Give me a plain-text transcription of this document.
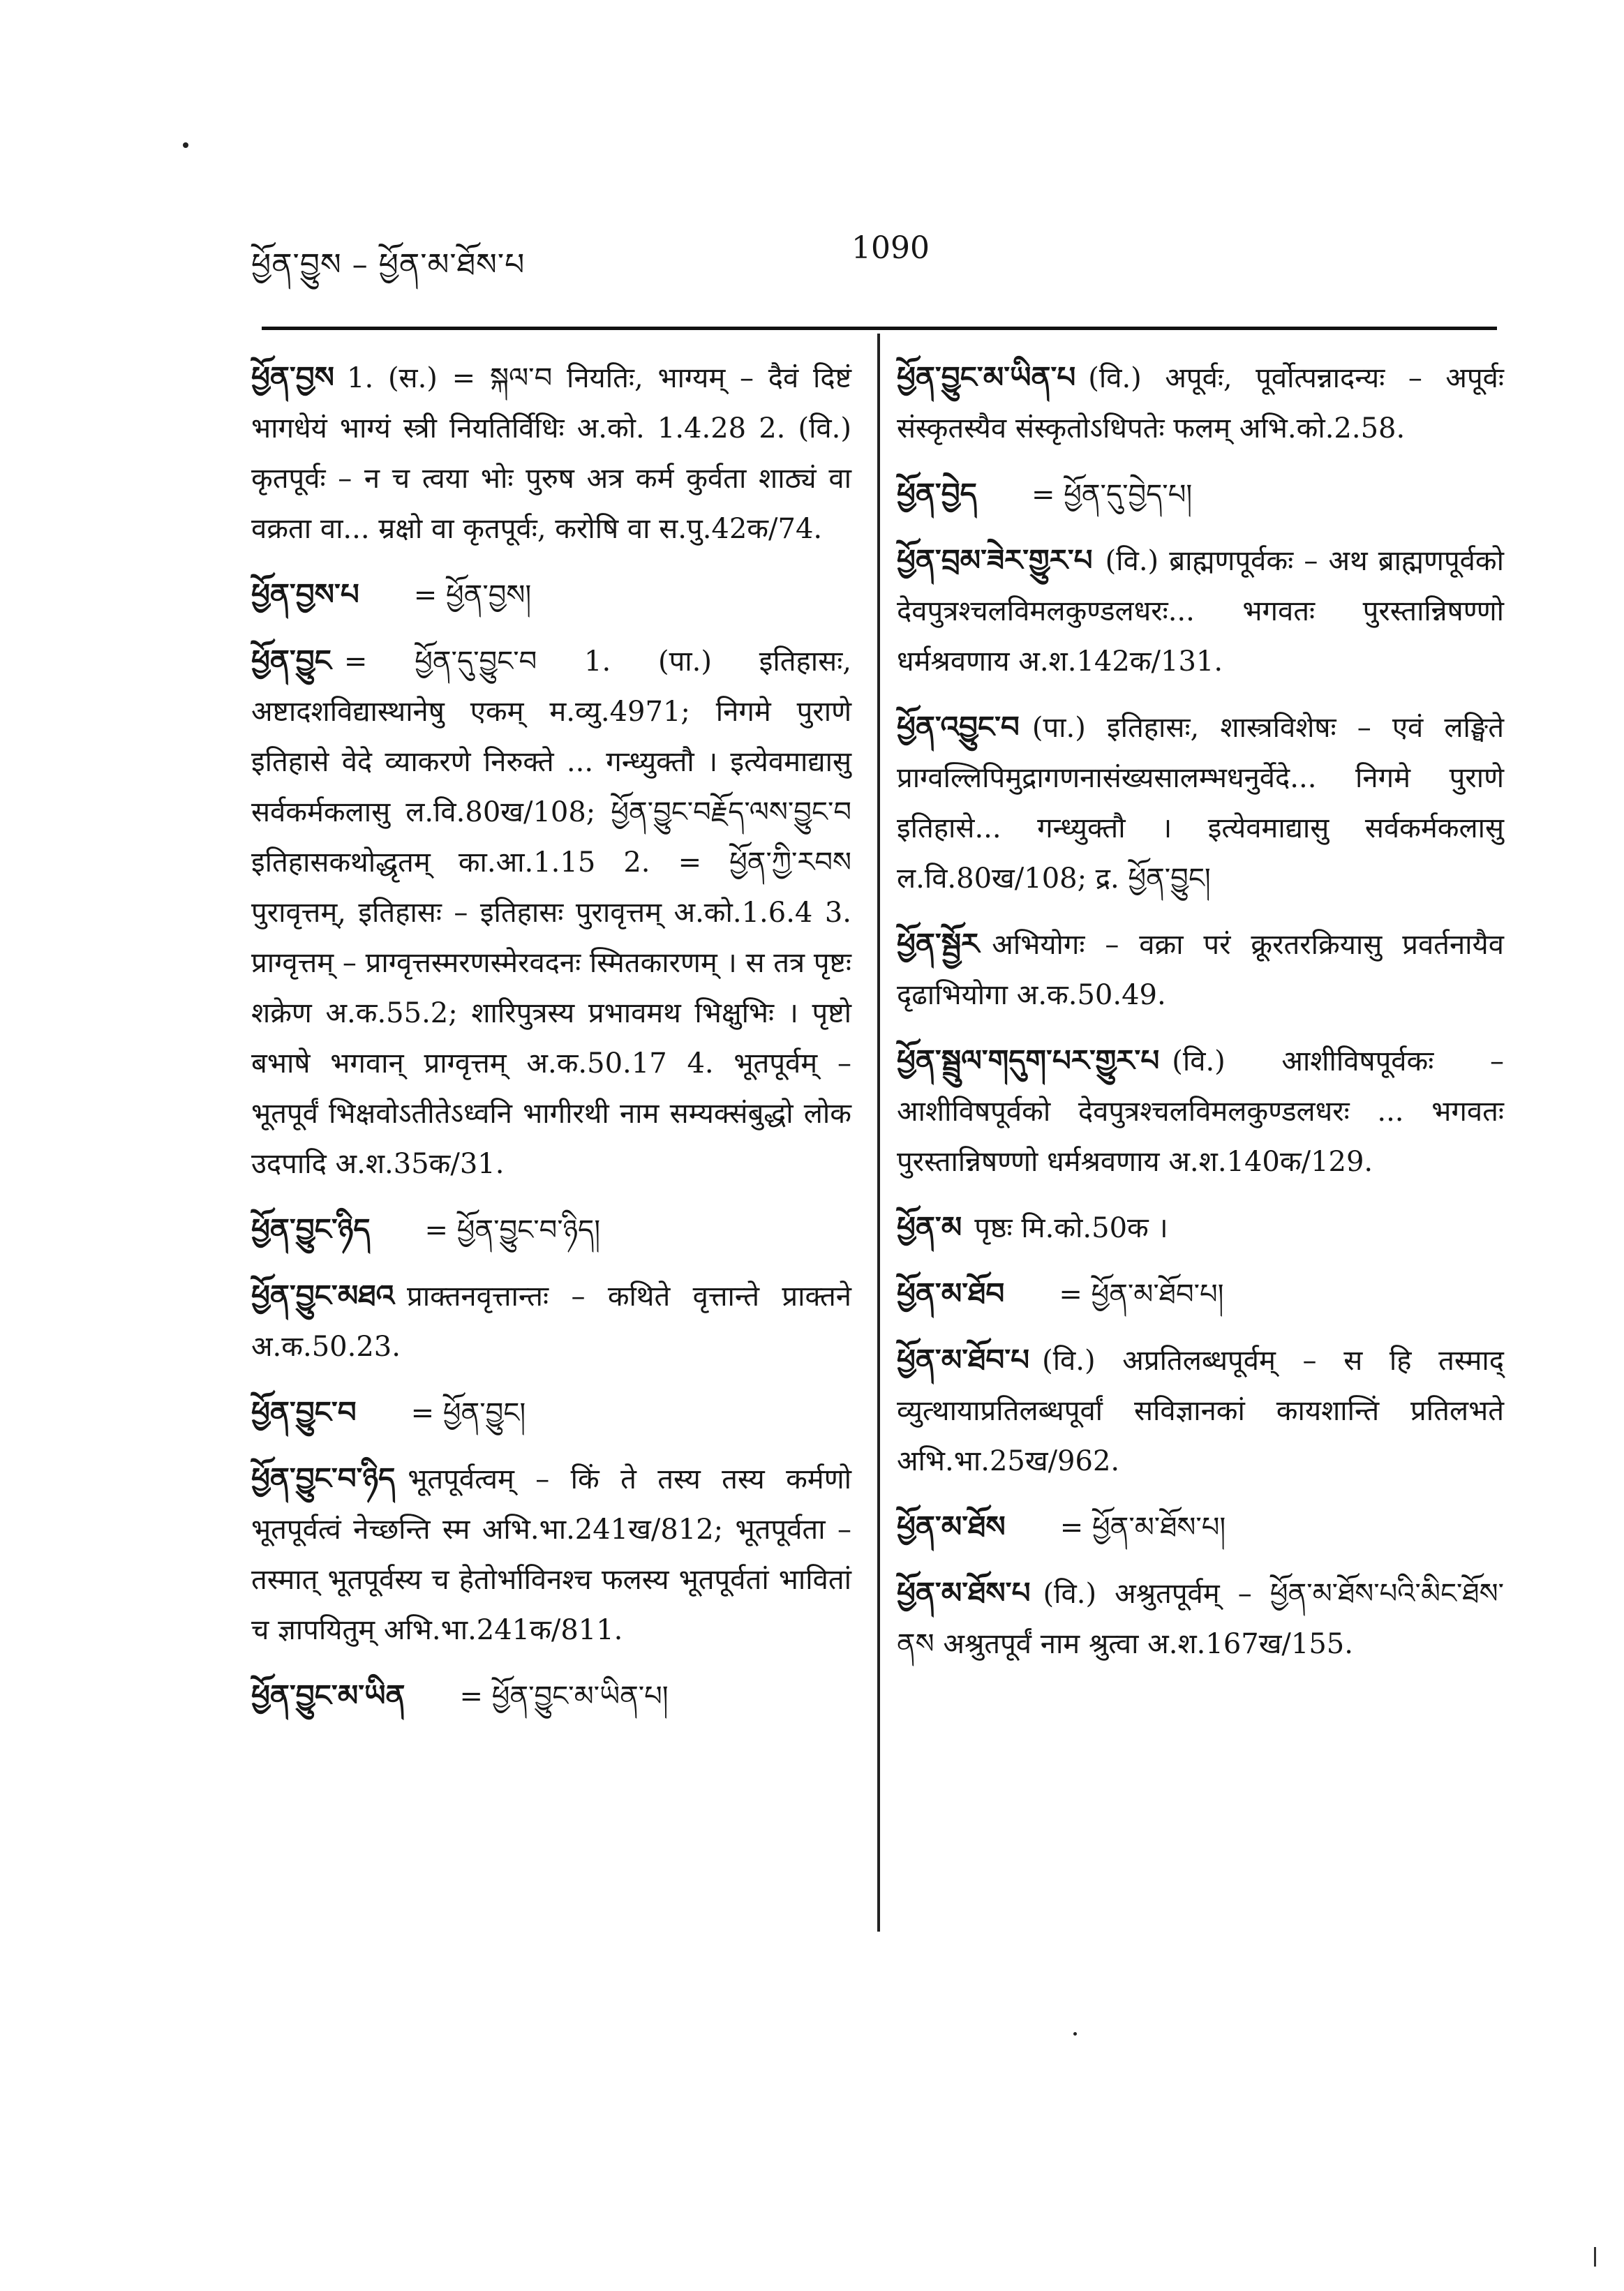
ཕྱོན་བྱུས – ཕྱོན་མ་ཐོས་པ	1090

ཕྱོན་བྱས 1. (स.) = སྐལ་བ नियतिः, भाग्यम् – दैवं दिष्टं भागधेयं भाग्यं स्त्री नियतिर्विधिः अ.को. 1.4.28 2. (वि.) कृतपूर्वः – न च त्वया भोः पुरुष अत्र कर्म कुर्वता शाठ्यं वा वक्रता वा... म्रक्षो वा कृतपूर्वः, करोषि वा स.पु.42क/74.

ཕྱོན་བྱས་པ = ཕྱོན་བྱས།

ཕྱོན་བྱུང = ཕྱོན་དུ་བྱུང་བ 1. (पा.) इतिहासः, अष्टादशविद्यास्थानेषु एकम् म.व्यु.4971; निगमे पुराणे इतिहासे वेदे व्याकरणे निरुक्ते ... गन्ध्युक्तौ । इत्येवमाद्यासु सर्वकर्मकलासु ल.वि.80ख/108; ཕྱོན་བྱུང་བརྗོད་ལས་བྱུང་བ इतिहासकथोद्धृतम् का.आ.1.15 2. = ཕྱོན་ཀྱི་རབས पुरावृत्तम्, इतिहासः – इतिहासः पुरावृत्तम् अ.को.1.6.4 3. प्राग्वृत्तम् – प्राग्वृत्तस्मरणस्मेरवदनः स्मितकारणम् । स तत्र पृष्टः शक्रेण अ.क.55.2; शारिपुत्रस्य प्रभावमथ भिक्षुभिः । पृष्टो बभाषे भगवान् प्राग्वृत्तम् अ.क.50.17 4. भूतपूर्वम् – भूतपूर्वं भिक्षवोऽतीतेऽध्वनि भागीरथी नाम सम्यक्संबुद्धो लोक उदपादि अ.श.35क/31.

ཕྱོན་བྱུང་ཉིད = ཕྱོན་བྱུང་བ་ཉིད།

ཕྱོན་བྱུང་མཐའ प्राक्तनवृत्तान्तः – कथिते वृत्तान्ते प्राक्तने अ.क.50.23.

ཕྱོན་བྱུང་བ = ཕྱོན་བྱུང།

ཕྱོན་བྱུང་བ་ཉིད भूतपूर्वत्वम् – किं ते तस्य तस्य कर्मणो भूतपूर्वत्वं नेच्छन्ति स्म अभि.भा.241ख/812; भूतपूर्वता – तस्मात् भूतपूर्वस्य च हेतोर्भाविनश्च फलस्य भूतपूर्वतां भावितां च ज्ञापयितुम् अभि.भा.241क/811.

ཕྱོན་བྱུང་མ་ཡིན = ཕྱོན་བྱུང་མ་ཡིན་པ།

ཕྱོན་བྱུང་མ་ཡིན་པ (वि.) अपूर्वः, पूर्वोत्पन्नादन्यः – अपूर्वः संस्कृतस्यैव संस्कृतोऽधिपतेः फलम् अभि.को.2.58.

ཕྱོན་བྱེད = ཕྱོན་དུ་བྱེད་པ།

ཕྱོན་བྲམ་ཟེར་གྱུར་པ (वि.) ब्राह्मणपूर्वकः – अथ ब्राह्मणपूर्वको देवपुत्रश्चलविमलकुण्डलधरः... भगवतः पुरस्तान्निषण्णो धर्मश्रवणाय अ.श.142क/131.

ཕྱོན་འབྱུང་བ (पा.) इतिहासः, शास्त्रविशेषः – एवं लङ्घिते प्राग्वल्लिपिमुद्रागणनासंख्यसालम्भधनुर्वेदे... निगमे पुराणे इतिहासे... गन्ध्युक्तौ । इत्येवमाद्यासु सर्वकर्मकलासु ल.वि.80ख/108; द्र. ཕྱོན་བྱུང།

ཕྱོན་སྦྱོར अभियोगः – वक्रा परं क्रूरतरक्रियासु प्रवर्तनायैव दृढाभियोगा अ.क.50.49.

ཕྱོན་སྦྲུལ་གདུག་པར་གྱུར་པ (वि.) आशीविषपूर्वकः – आशीविषपूर्वको देवपुत्रश्चलविमलकुण्डलधरः ... भगवतः पुरस्तान्निषण्णो धर्मश्रवणाय अ.श.140क/129.

ཕྱོན་མ पृष्ठः मि.को.50क ।

ཕྱོན་མ་ཐོབ = ཕྱོན་མ་ཐོབ་པ།

ཕྱོན་མ་ཐོབ་པ (वि.) अप्रतिलब्धपूर्वम् – स हि तस्माद् व्युत्थायाप्रतिलब्धपूर्वां सविज्ञानकां कायशान्तिं प्रतिलभते अभि.भा.25ख/962.

ཕྱོན་མ་ཐོས = ཕྱོན་མ་ཐོས་པ།

ཕྱོན་མ་ཐོས་པ (वि.) अश्रुतपूर्वम् – ཕྱོན་མ་ཐོས་པའི་མིང་ཐོས་ནས अश्रुतपूर्वं नाम श्रुत्वा अ.श.167ख/155.
